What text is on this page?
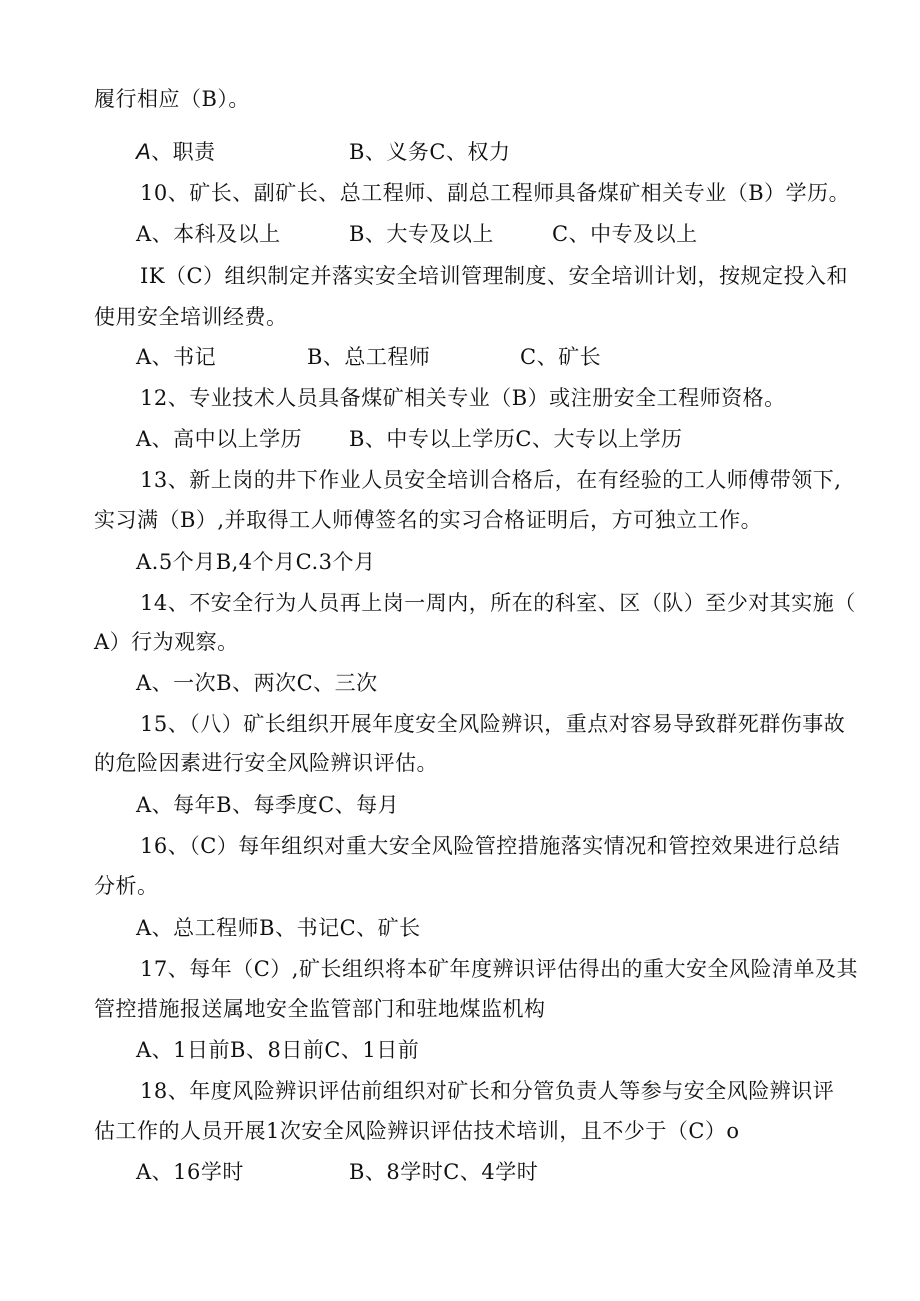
履行相应（B）。
A、职责	B、义务C、权力
10、矿长、副矿长、总工程师、副总工程师具备煤矿相关专业（B）学历。
A、本科及以上	B、大专及以上	C、中专及以上
IK（C）组织制定并落实安全培训管理制度、安全培训计划，按规定投入和
使用安全培训经费。
A、书记	B、总工程师	C、矿长
12、专业技术人员具备煤矿相关专业（B）或注册安全工程师资格。
A、高中以上学历 B、中专以上学历C、大专以上学历
13、新上岗的井下作业人员安全培训合格后，在有经验的工人师傅带领下,
实习满（B）,并取得工人师傅签名的实习合格证明后，方可独立工作。
A.5个月B,4个月C.3个月
14、不安全行为人员再上岗一周内，所在的科室、区（队）至少对其实施（
A）行为观察。
A、一次B、两次C、三次
15、（八）矿长组织开展年度安全风险辨识，重点对容易导致群死群伤事故
的危险因素进行安全风险辨识评估。
A、每年B、每季度C、每月
16、（C）每年组织对重大安全风险管控措施落实情况和管控效果进行总结
分析。
A、总工程师B、书记C、矿长
17、每年（C）,矿长组织将本矿年度辨识评估得出的重大安全风险清单及其
管控措施报送属地安全监管部门和驻地煤监机构
A、1日前B、8日前C、1日前
18、年度风险辨识评估前组织对矿长和分管负责人等参与安全风险辨识评
估工作的人员开展1次安全风险辨识评估技术培训，且不少于（C）o
A、16学时	B、8学时C、4学时
